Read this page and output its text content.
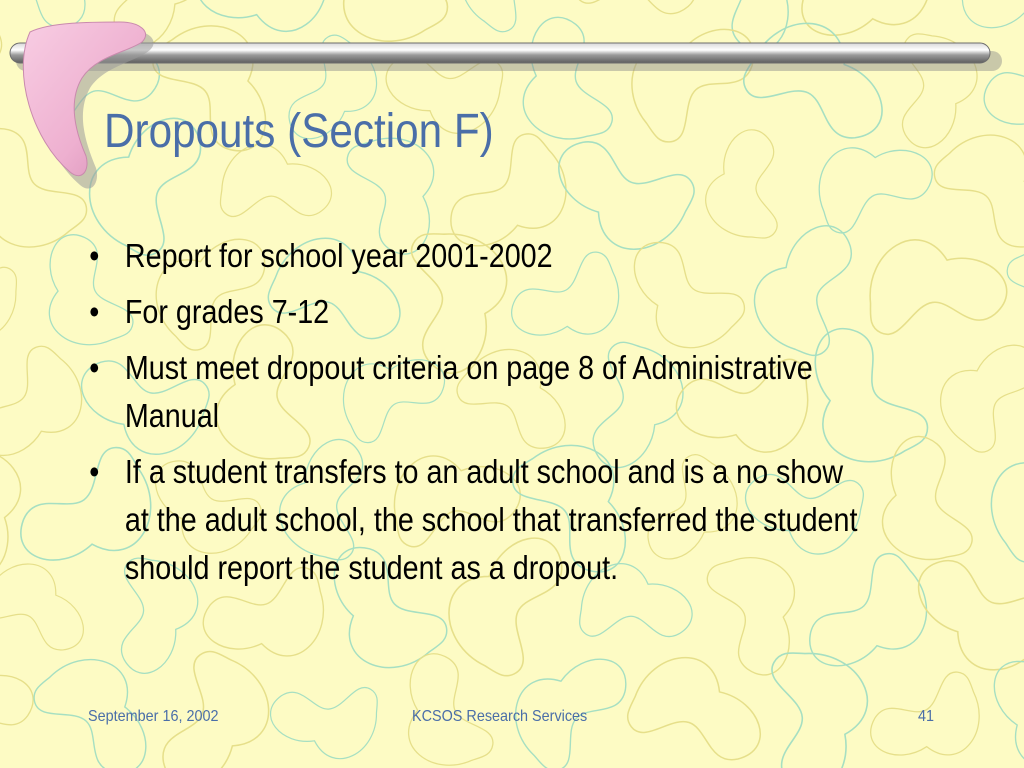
Dropouts (Section F)
• Report for school year 2001-2002
• For grades 7-12
• Must meet dropout criteria on page 8 of Administrative Manual
• If a student transfers to an adult school and is a no show at the adult school, the school that transferred the student should report the student as a dropout.
September 16, 2002	KCSOS Research Services	41
